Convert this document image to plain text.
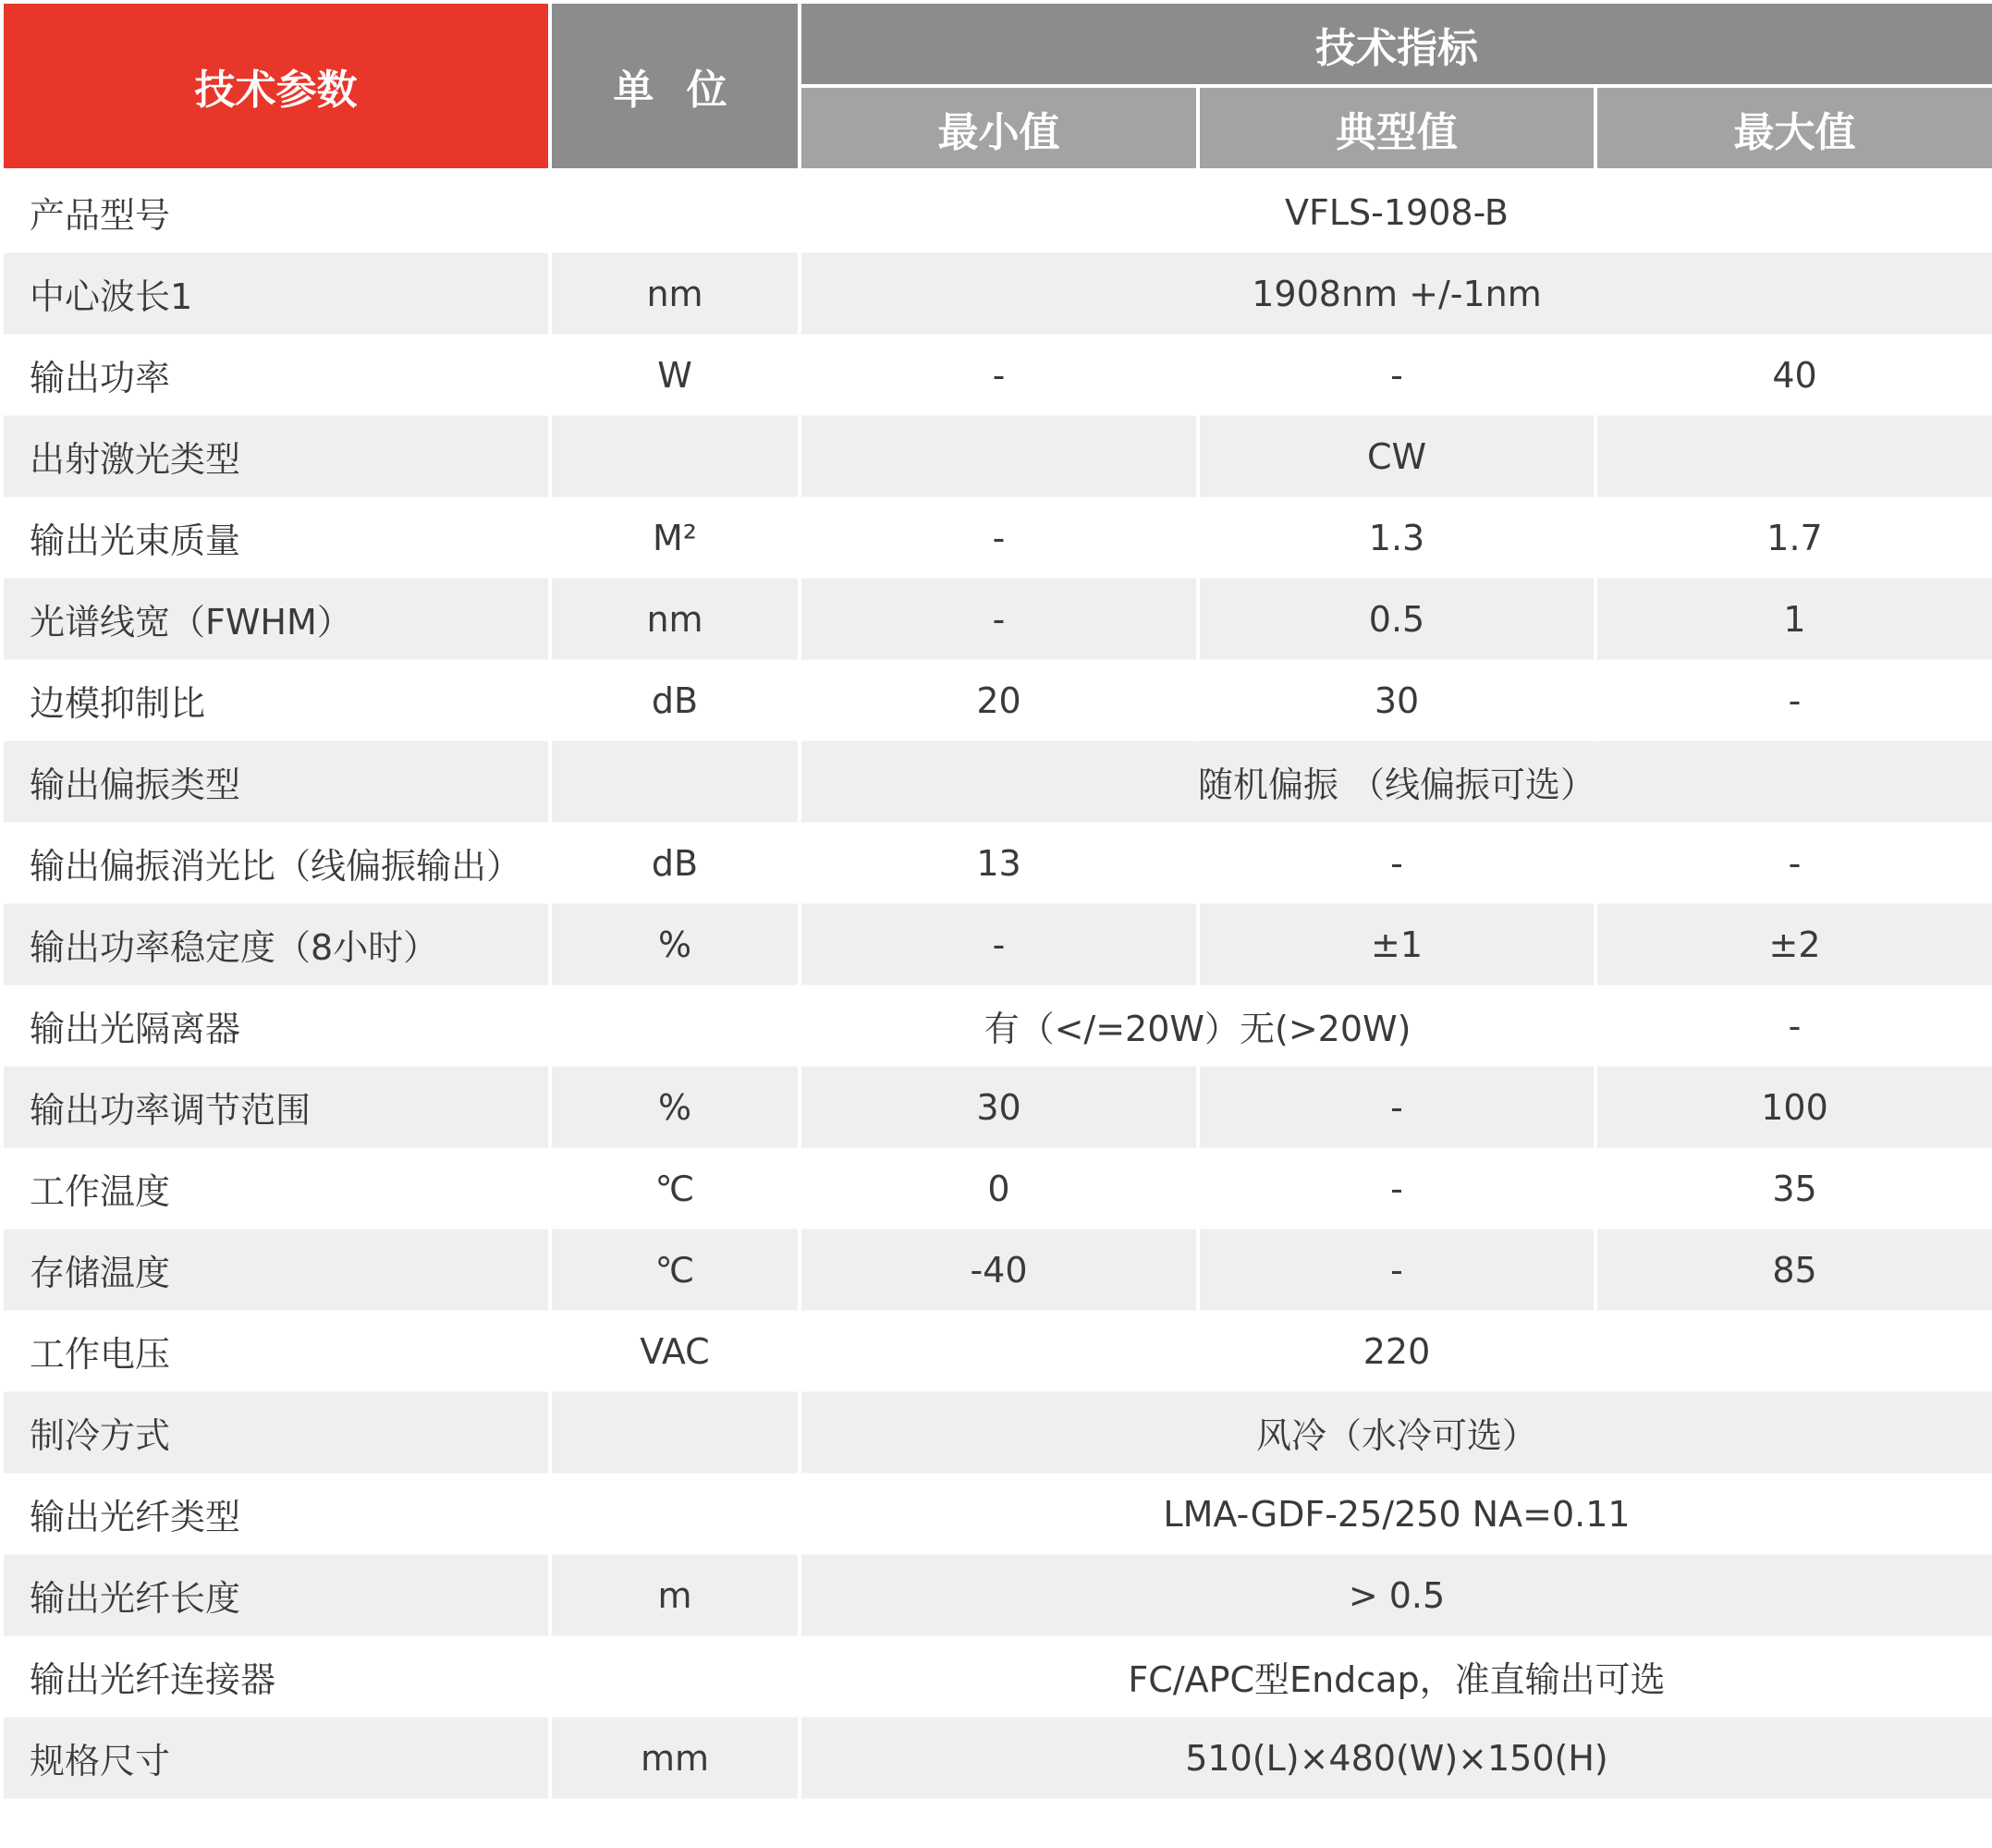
技术参数	单 位	技术指标		
		最小值	典型值	最大值
产品型号		VFLS-1908-B		
中心波长1	nm	1908nm +/-1nm		
输出功率	W	-	-	40
出射激光类型			CW	
输出光束质量	M²	-	1.3	1.7
光谱线宽（FWHM）	nm	-	0.5	1
边模抑制比	dB	20	30	-
输出偏振类型		随机偏振 （线偏振可选）		
输出偏振消光比（线偏振输出）	dB	13	-	-
输出功率稳定度（8小时）	%	-	±1	±2
输出光隔离器		有（</=20W）无(>20W)		-
输出功率调节范围	%	30	-	100
工作温度	℃	0	-	35
存储温度	℃	-40	-	85
工作电压	VAC	220		
制冷方式		风冷（水冷可选）		
输出光纤类型		LMA-GDF-25/250 NA=0.11		
输出光纤长度	m	> 0.5		
输出光纤连接器		FC/APC型Endcap，准直输出可选		
规格尺寸	mm	510(L)×480(W)×150(H)		
